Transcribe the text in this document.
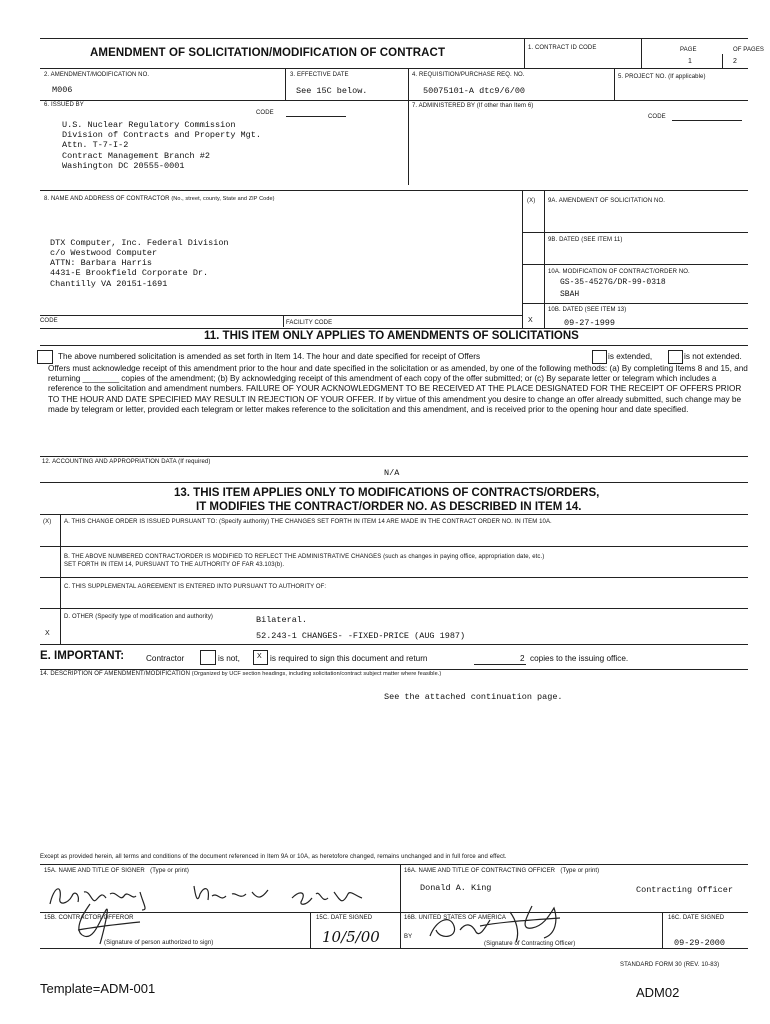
AMENDMENT OF SOLICITATION/MODIFICATION OF CONTRACT	1. CONTRACT ID CODE	PAGE	OF PAGES
1	2
2. AMENDMENT/MODIFICATION NO.
M006
3. EFFECTIVE DATE
See 15C below.
4. REQUISITION/PURCHASE REQ. NO.
50075101-A dtc9/6/00
5. PROJECT NO. (If applicable)
6. ISSUED BY
CODE
U.S. Nuclear Regulatory Commission
Division of Contracts and Property Mgt.
Attn. T-7-I-2
Contract Management Branch #2
Washington DC 20555-0001
7. ADMINISTERED BY (If other than Item 6)
CODE
8. NAME AND ADDRESS OF CONTRACTOR (No., street, county, State and ZIP Code)
DTX Computer, Inc. Federal Division
c/o Westwood Computer
ATTN: Barbara Harris
4431-E Brookfield Corporate Dr.
Chantilly VA 20151-1691
CODE	FACILITY CODE
(X) 9A. AMENDMENT OF SOLICITATION NO.
9B. DATED (SEE ITEM 11)
10A. MODIFICATION OF CONTRACT/ORDER NO.
GS-35-4527G/DR-99-0318
SBAH
10B. DATED (SEE ITEM 13)
09-27-1999
X
11. THIS ITEM ONLY APPLIES TO AMENDMENTS OF SOLICITATIONS
The above numbered solicitation is amended as set forth in Item 14. The hour and date specified for receipt of Offers	is extended,	is not extended.
Offers must acknowledge receipt of this amendment prior to the hour and date specified in the solicitation or as amended, by one of the following methods: (a) By completing Items 8 and 15, and returning ________ copies of the amendment; (b) By acknowledging receipt of this amendment of each copy of the offer submitted; or (c) By separate letter or telegram which includes a reference to the solicitation and amendment numbers. FAILURE OF YOUR ACKNOWLEDGMENT TO BE RECEIVED AT THE PLACE DESIGNATED FOR THE RECEIPT OF OFFERS PRIOR TO THE HOUR AND DATE SPECIFIED MAY RESULT IN REJECTION OF YOUR OFFER. If by virtue of this amendment you desire to change an offer already submitted, such change may be made by telegram or letter, provided each telegram or letter makes reference to the solicitation and this amendment, and is received prior to the opening hour and date specified.
12. ACCOUNTING AND APPROPRIATION DATA (If required)
N/A
13. THIS ITEM APPLIES ONLY TO MODIFICATIONS OF CONTRACTS/ORDERS,
IT MODIFIES THE CONTRACT/ORDER NO. AS DESCRIBED IN ITEM 14.
(X) A. THIS CHANGE ORDER IS ISSUED PURSUANT TO: (Specify authority) THE CHANGES SET FORTH IN ITEM 14 ARE MADE IN THE CONTRACT ORDER NO. IN ITEM 10A.
B. THE ABOVE NUMBERED CONTRACT/ORDER IS MODIFIED TO REFLECT THE ADMINISTRATIVE CHANGES (such as changes in paying office, appropriation date, etc.)
SET FORTH IN ITEM 14, PURSUANT TO THE AUTHORITY OF FAR 43.103(b).
C. THIS SUPPLEMENTAL AGREEMENT IS ENTERED INTO PURSUANT TO AUTHORITY OF:
D. OTHER (Specify type of modification and authority)	Bilateral.
52.243-1 CHANGES- -FIXED-PRICE (AUG 1987)
X
E. IMPORTANT:	Contractor	is not, X is required to sign this document and return	2 copies to the issuing office.
14. DESCRIPTION OF AMENDMENT/MODIFICATION (Organized by UCF section headings, including solicitation/contract subject matter where feasible.)
See the attached continuation page.
Except as provided herein, all terms and conditions of the document referenced in Item 9A or 10A, as heretofore changed, remains unchanged and in full force and effect.
15A. NAME AND TITLE OF SIGNER (Type or print)	16A. NAME AND TITLE OF CONTRACTING OFFICER (Type or print)
Donald A. King	Contracting Officer
15B. CONTRACTOR/OFFEROR
(Signature of person authorized to sign)
15C. DATE SIGNED
10/5/00
16B. UNITED STATES OF AMERICA
BY
(Signature of Contracting Officer)
16C. DATE SIGNED
09-29-2000
STANDARD FORM 30 (REV. 10-83)
Template=ADM-001	ADM02
